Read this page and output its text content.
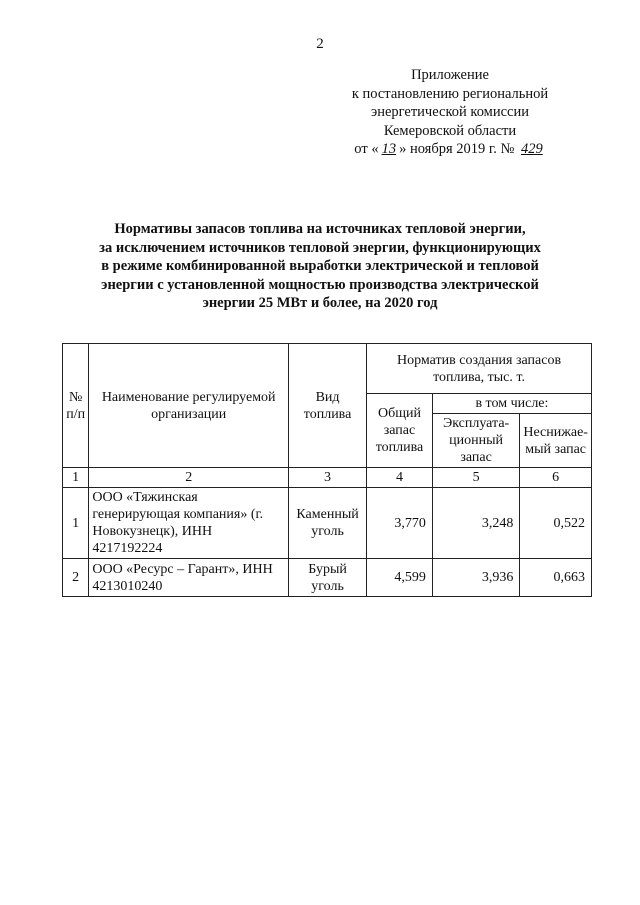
2
Приложение
к постановлению региональной
энергетической комиссии
Кемеровской области
от « 13 » ноября 2019 г. № 429
Нормативы запасов топлива на источниках тепловой энергии,
за исключением источников тепловой энергии, функционирующих
в режиме комбинированной выработки электрической и тепловой
энергии с установленной мощностью производства электрической
энергии 25 МВт и более, на 2020 год
№ п/п	Наименование регулируемой организации	Вид топлива	Норматив создания запасов топлива, тыс. т.		
			Общий запас топлива	в том числе:	
				Эксплуата-ционный запас	Неснижае-мый запас
1	2	3	4	5	6
1	ООО «Тяжинская генерирующая компания» (г. Новокузнецк), ИНН 4217192224	Каменный уголь	3,770	3,248	0,522
2	ООО «Ресурс – Гарант», ИНН 4213010240	Бурый уголь	4,599	3,936	0,663
